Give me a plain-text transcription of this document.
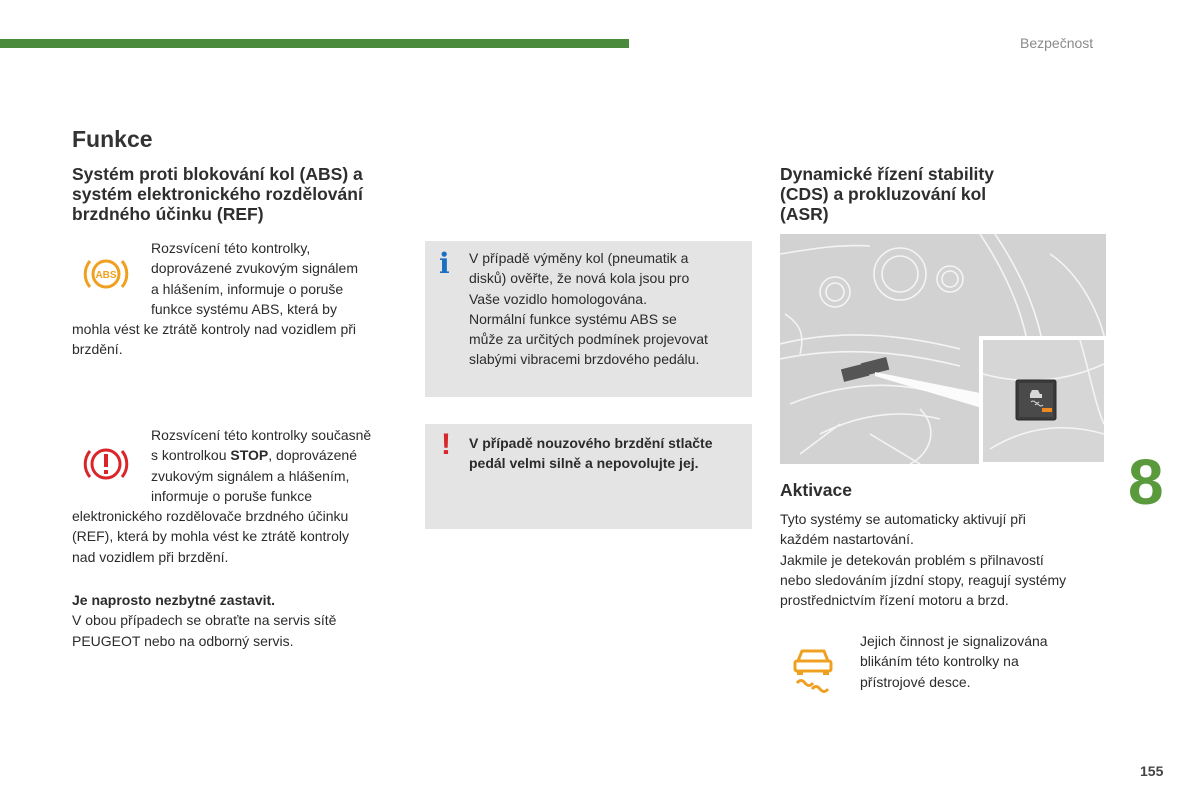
Bezpečnost
Funkce

Systém proti blokování kol (ABS) a systém elektronického rozdělování brzdného účinku (REF)

ABS

Rozsvícení této kontrolky,

doprovázené zvukovým signálem

a hlášením, informuje o poruše

funkce systému ABS, která by

mohla vést ke ztrátě kontroly nad vozidlem při

brzdění.

Rozsvícení této kontrolky současně

s kontrolkou STOP, doprovázené

zvukovým signálem a hlášením,

informuje o poruše funkce

elektronického rozdělovače brzdného účinku

(REF), která by mohla vést ke ztrátě kontroly

nad vozidlem při brzdění.

Je naprosto nezbytné zastavit.

V obou případech se obraťte na servis sítě

PEUGEOT nebo na odborný servis.

i V případě výměny kol (pneumatik a

disků) ověřte, že nová kola jsou pro

Vaše vozidlo homologována.

Normální funkce systému ABS se

může za určitých podmínek projevovat

slabými vibracemi brzdového pedálu.

! V případě nouzového brzdění stlačte

pedál velmi silně a nepovolujte jej.

Dynamické řízení stability

(CDS) a prokluzování kol

(ASR)

Aktivace

Tyto systémy se automaticky aktivují při

každém nastartování.

Jakmile je detekován problém s přilnavostí

nebo sledováním jízdní stopy, reagují systémy

prostřednictvím řízení motoru a brzd.

Jejich činnost je signalizována

blikáním této kontrolky na

přístrojové desce.

8
155
